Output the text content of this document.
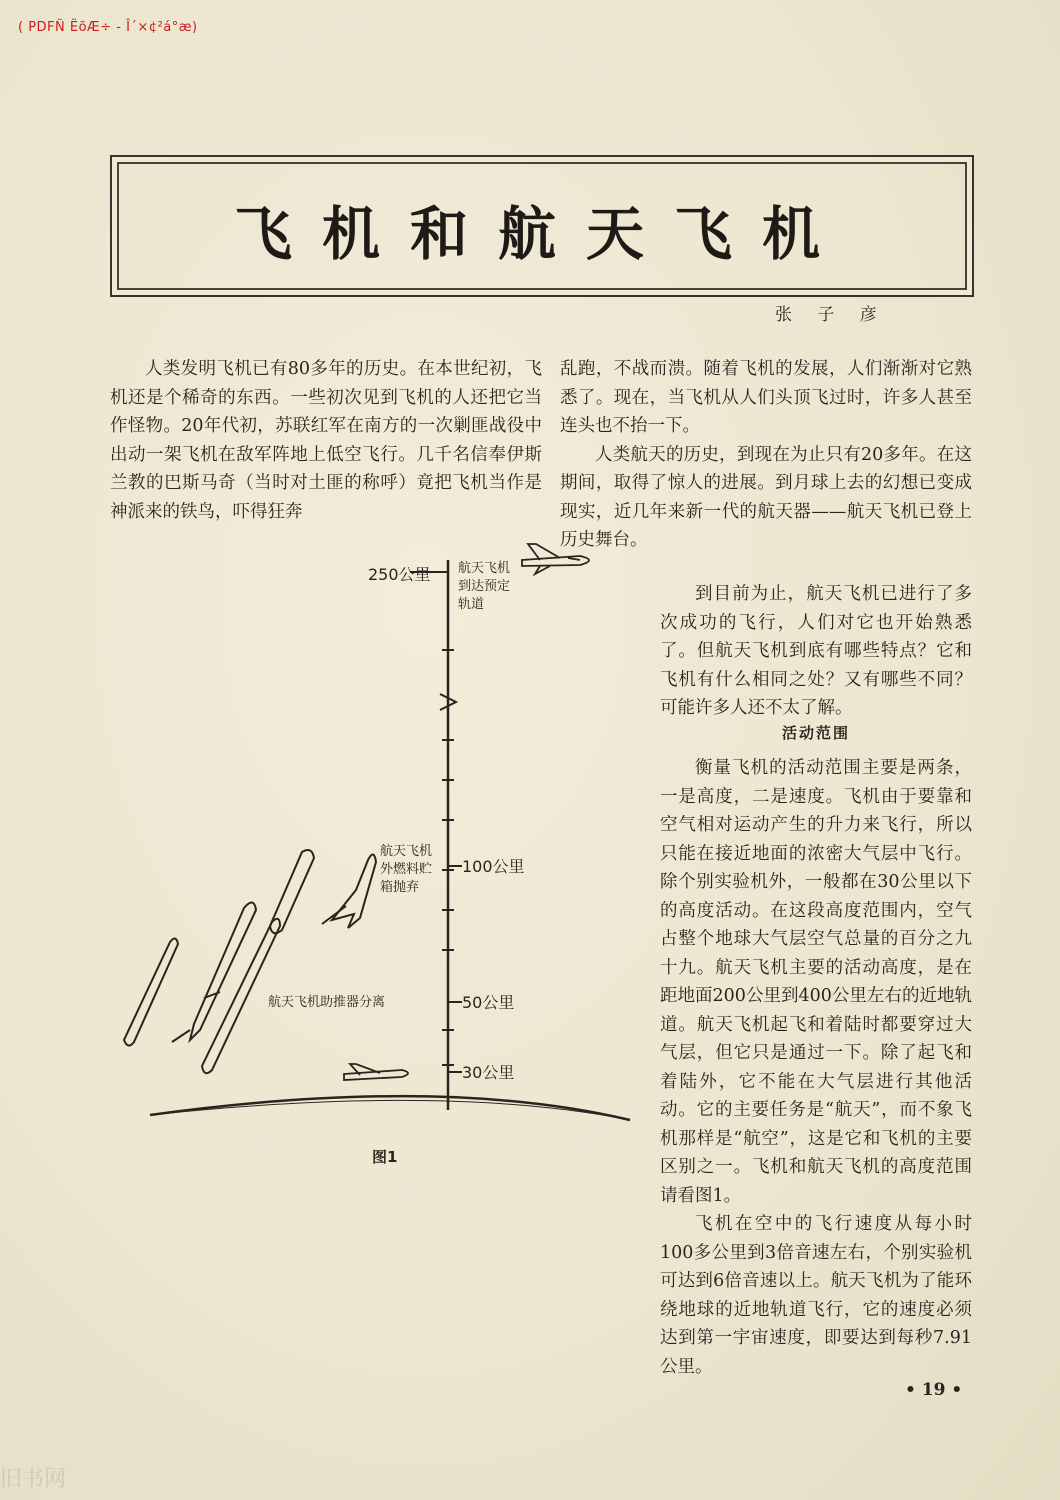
( PDFÑ ËõÆ÷ - Î´×¢²á°æ)
飞机和航天飞机
张 子 彦

人类发明飞机已有80多年的历史。在本世纪初，飞机还是个稀奇的东西。一些初次见到飞机的人还把它当作怪物。20年代初，苏联红军在南方的一次剿匪战役中出动一架飞机在敌军阵地上低空飞行。几千名信奉伊斯兰教的巴斯马奇（当时对土匪的称呼）竟把飞机当作是神派来的铁鸟，吓得狂奔

乱跑，不战而溃。随着飞机的发展，人们渐渐对它熟悉了。现在，当飞机从人们头顶飞过时，许多人甚至连头也不抬一下。

人类航天的历史，到现在为止只有20多年。在这期间，取得了惊人的进展。到月球上去的幻想已变成现实，近几年来新一代的航天器——航天飞机已登上历史舞台。

到目前为止，航天飞机已进行了多次成功的飞行，人们对它也开始熟悉了。但航天飞机到底有哪些特点？它和飞机有什么相同之处？又有哪些不同？可能许多人还不太了解。

活动范围

衡量飞机的活动范围主要是两条，一是高度，二是速度。飞机由于要靠和空气相对运动产生的升力来飞行，所以只能在接近地面的浓密大气层中飞行。除个别实验机外，一般都在30公里以下的高度活动。在这段高度范围内，空气占整个地球大气层空气总量的百分之九十九。航天飞机主要的活动高度，是在距地面200公里到400公里左右的近地轨道。航天飞机起飞和着陆时都要穿过大气层，但它只是通过一下。除了起飞和着陆外，它不能在大气层进行其他活动。它的主要任务是“航天”，而不象飞机那样是“航空”，这是它和飞机的主要区别之一。飞机和航天飞机的高度范围请看图1。

飞机在空中的飞行速度从每小时100多公里到3倍音速左右，个别实验机可达到6倍音速以上。航天飞机为了能环绕地球的近地轨道飞行，它的速度必须达到第一宇宙速度，即要达到每秒7.91公里。

250公里
100公里
50公里
30公里
航天飞机
到达预定
轨道
航天飞机
外燃料贮
箱抛弃
航天飞机助推器分离
图1
• 19 •
旧书网
